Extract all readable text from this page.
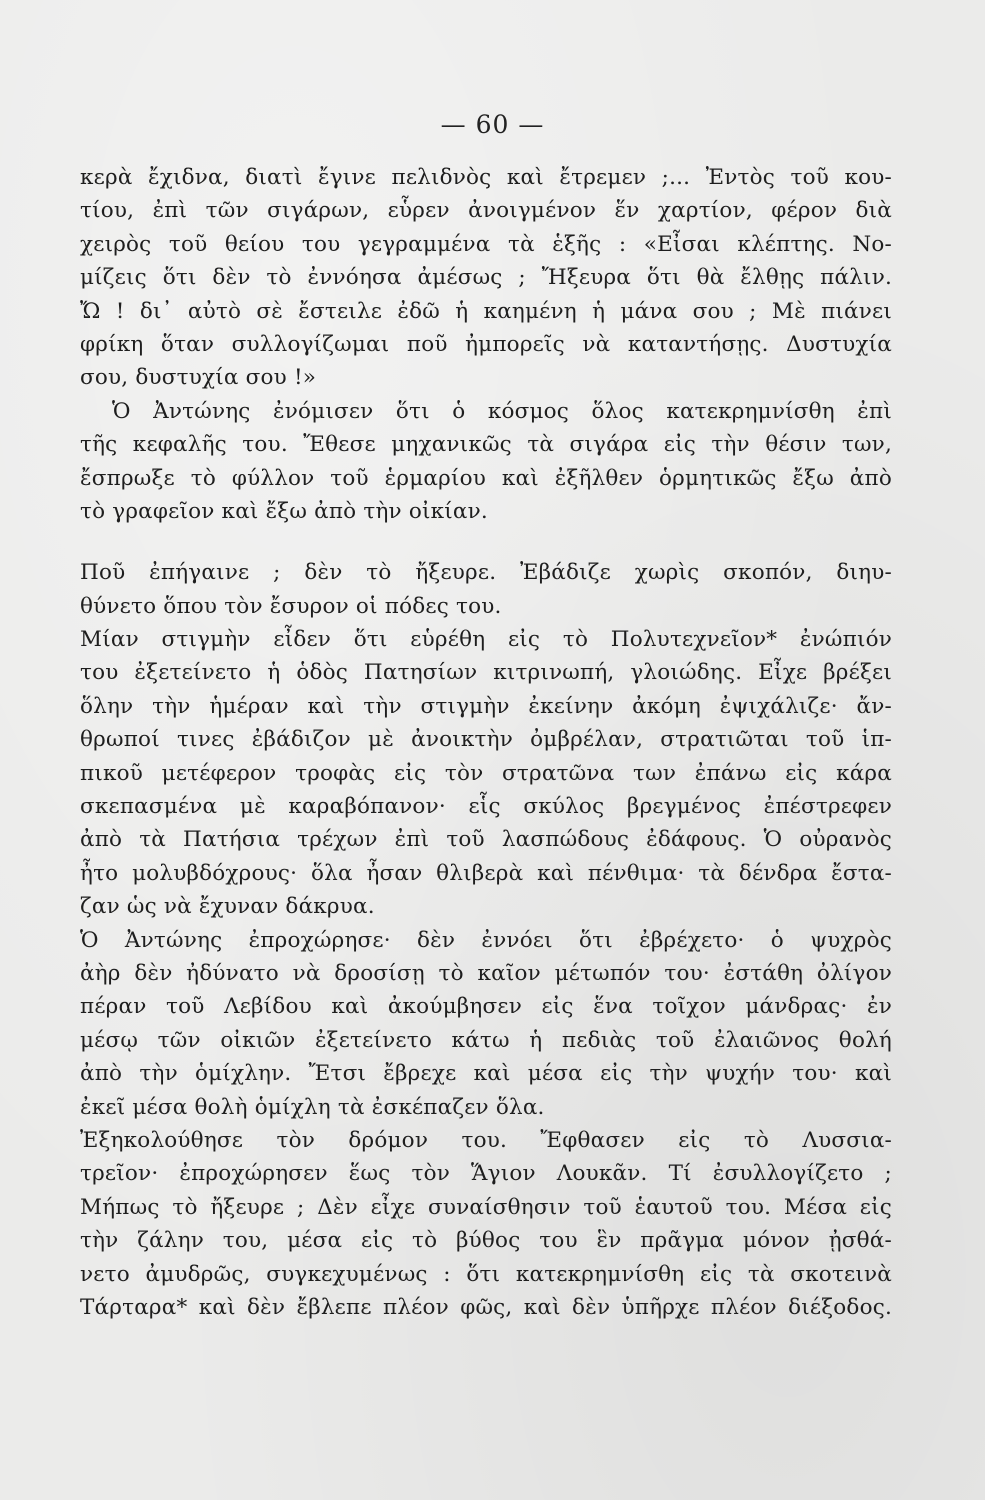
— 60 —
κερὰ ἔχιδνα, διατὶ ἔγινε πελιδνὸς καὶ ἔτρεμεν ;... Ἐντὸς τοῦ κου-
τίου, ἐπὶ τῶν σιγάρων, εὗρεν ἀνοιγμένον ἕν χαρτίον, φέρον διὰ
χειρὸς τοῦ θείου του γεγραμμένα τὰ ἑξῆς : «Εἶσαι κλέπτης. Νο-
μίζεις ὅτι δὲν τὸ ἐννόησα ἀμέσως ; Ἤξευρα ὅτι θὰ ἔλθῃς πάλιν.
Ὤ ! δι᾽ αὐτὸ σὲ ἔστειλε ἐδῶ ἡ καημένη ἡ μάνα σου ; Μὲ πιάνει
φρίκη ὅταν συλλογίζωμαι ποῦ ἠμπορεῖς νὰ καταντήσῃς. Δυστυχία
σου, δυστυχία σου !»
Ὁ Ἀντώνης ἐνόμισεν ὅτι ὁ κόσμος ὅλος κατεκρημνίσθη ἐπὶ
τῆς κεφαλῆς του. Ἔθεσε μηχανικῶς τὰ σιγάρα εἰς τὴν θέσιν των,
ἔσπρωξε τὸ φύλλον τοῦ ἑρμαρίου καὶ ἐξῆλθεν ὁρμητικῶς ἔξω ἀπὸ
τὸ γραφεῖον καὶ ἔξω ἀπὸ τὴν οἰκίαν.
Ποῦ ἐπήγαινε ; δὲν τὸ ἤξευρε. Ἐβάδιζε χωρὶς σκοπόν, διηυ-
θύνετο ὅπου τὸν ἔσυρον οἱ πόδες του.
Μίαν στιγμὴν εἶδεν ὅτι εὑρέθη εἰς τὸ Πολυτεχνεῖον* ἐνώπιόν
του ἐξετείνετο ἡ ὁδὸς Πατησίων κιτρινωπή, γλοιώδης. Εἶχε βρέξει
ὅλην τὴν ἡμέραν καὶ τὴν στιγμὴν ἐκείνην ἀκόμη ἐψιχάλιζε· ἄν-
θρωποί τινες ἐβάδιζον μὲ ἀνοικτὴν ὀμβρέλαν, στρατιῶται τοῦ ἱπ-
πικοῦ μετέφερον τροφὰς εἰς τὸν στρατῶνα των ἐπάνω εἰς κάρα
σκεπασμένα μὲ καραβόπανον· εἷς σκύλος βρεγμένος ἐπέστρεφεν
ἀπὸ τὰ Πατήσια τρέχων ἐπὶ τοῦ λασπώδους ἐδάφους. Ὁ οὐρανὸς
ἦτο μολυβδόχρους· ὅλα ἦσαν θλιβερὰ καὶ πένθιμα· τὰ δένδρα ἔστα-
ζαν ὡς νὰ ἔχυναν δάκρυα.
Ὁ Ἀντώνης ἐπροχώρησε· δὲν ἐννόει ὅτι ἐβρέχετο· ὁ ψυχρὸς
ἀὴρ δὲν ἠδύνατο νὰ δροσίσῃ τὸ καῖον μέτωπόν του· ἐστάθη ὀλίγον
πέραν τοῦ Λεβίδου καὶ ἀκούμβησεν εἰς ἕνα τοῖχον μάνδρας· ἐν
μέσῳ τῶν οἰκιῶν ἐξετείνετο κάτω ἡ πεδιὰς τοῦ ἐλαιῶνος θολή
ἀπὸ τὴν ὁμίχλην. Ἔτσι ἔβρεχε καὶ μέσα εἰς τὴν ψυχήν του· καὶ
ἐκεῖ μέσα θολὴ ὁμίχλη τὰ ἐσκέπαζεν ὅλα.
Ἐξηκολούθησε τὸν δρόμον του. Ἔφθασεν εἰς τὸ Λυσσια-
τρεῖον· ἐπροχώρησεν ἕως τὸν Ἅγιον Λουκᾶν. Τί ἐσυλλογίζετο ;
Μήπως τὸ ἤξευρε ; Δὲν εἶχε συναίσθησιν τοῦ ἑαυτοῦ του. Μέσα εἰς
τὴν ζάλην του, μέσα εἰς τὸ βύθος του ἓν πρᾶγμα μόνον ᾐσθά-
νετο ἀμυδρῶς, συγκεχυμένως : ὅτι κατεκρημνίσθη εἰς τὰ σκοτεινὰ
Τάρταρα* καὶ δὲν ἔβλεπε πλέον φῶς, καὶ δὲν ὑπῆρχε πλέον διέξοδος.
